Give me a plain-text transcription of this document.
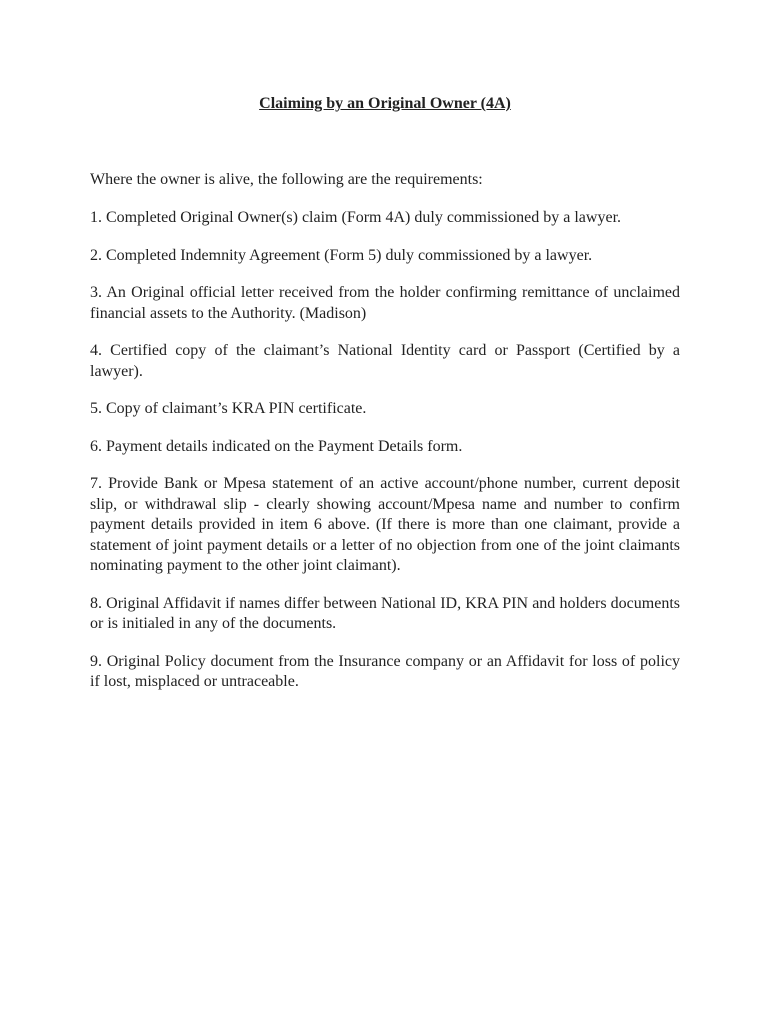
Claiming by an Original Owner (4A)

Where the owner is alive, the following are the requirements:

1. Completed Original Owner(s) claim (Form 4A) duly commissioned by a lawyer.
2. Completed Indemnity Agreement (Form 5) duly commissioned by a lawyer.
3. An Original official letter received from the holder confirming remittance of unclaimed financial assets to the Authority. (Madison)
4. Certified copy of the claimant’s National Identity card or Passport (Certified by a lawyer).
5. Copy of claimant’s KRA PIN certificate.
6. Payment details indicated on the Payment Details form.
7. Provide Bank or Mpesa statement of an active account/phone number, current deposit slip, or withdrawal slip - clearly showing account/Mpesa name and number to confirm payment details provided in item 6 above. (If there is more than one claimant, provide a statement of joint payment details or a letter of no objection from one of the joint claimants nominating payment to the other joint claimant).
8. Original Affidavit if names differ between National ID, KRA PIN and holders documents or is initialed in any of the documents.
9. Original Policy document from the Insurance company or an Affidavit for loss of policy if lost, misplaced or untraceable.
